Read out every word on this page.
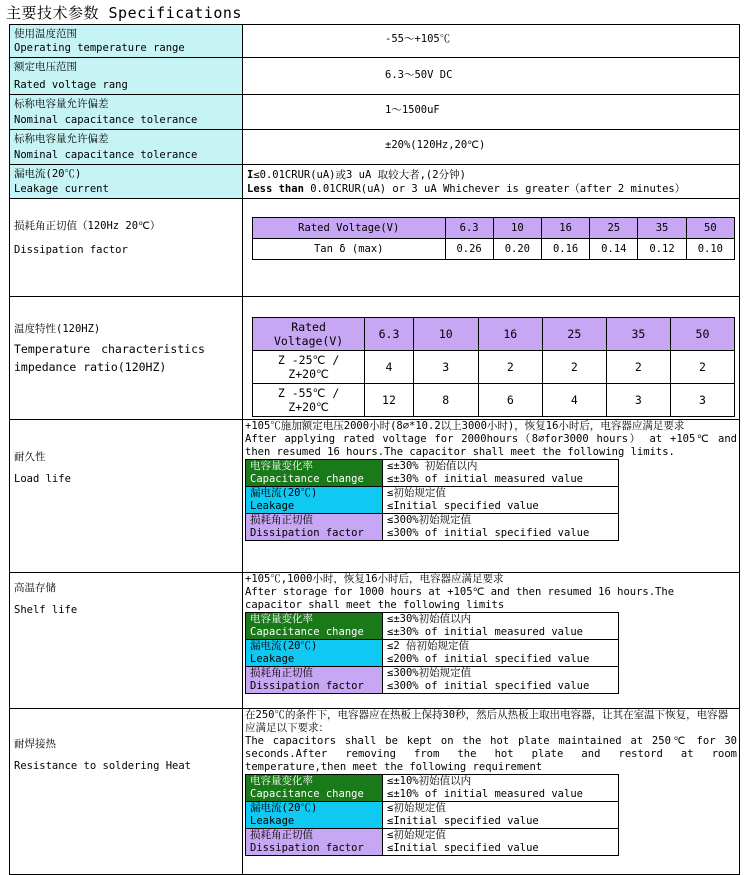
主要技术参数 Specifications
使用温度范围
Operating temperature range

-55～+105℃

额定电压范围
Rated voltage rang

6.3～50V DC

标称电容量允许偏差
Nominal capacitance tolerance

1～1500uF

标称电容量允许偏差
Nominal capacitance tolerance

±20%(120Hz,20℃)

漏电流(20℃)
Leakage current

I≤0.01CRUR(uA)或3 uA 取较大者,(2分钟)
Less than 0.01CRUR(uA) or 3 uA Whichever is greater（after 2 minutes）

损耗角正切值（120Hz 20℃）
Dissipation factor

Rated Voltage(V)	6.3	10	16	25	35	50
Tan δ (max)	0.26	0.20	0.16	0.14	0.12	0.10

温度特性(120HZ)
Temperature characteristics
impedance ratio(120HZ)

Rated Voltage(V)	6.3	10	16	25	35	50
Z -25℃ / Z+20℃	4	3	2	2	2	2
Z -55℃ / Z+20℃	12	8	6	4	3	3

耐久性
Load life

+105℃施加额定电压2000小时(8∅*10.2以上3000小时)，恢复16小时后，电容器应满足要求
After applying rated voltage for 2000hours（8∅for3000 hours） at +105℃ and then resumed 16 hours.The capacitor shall meet the following limits.
电容量变化率
Capacitance change

≤±30% 初始值以内
≤±30% of initial measured value

漏电流(20℃)
Leakage

≤初始规定值
≤Initial specified value

损耗角正切值
Dissipation factor

≤300%初始规定值
≤300% of initial specified value

高温存储
Shelf life

+105℃,1000小时，恢复16小时后，电容器应满足要求
After storage for 1000 hours at +105℃ and then resumed 16 hours.The capacitor shall meet the following limits
电容量变化率
Capacitance change

≤±30%初始值以内
≤±30% of initial measured value

漏电流(20℃)
Leakage

≤2 倍初始规定值
≤200% of initial specified value

损耗角正切值
Dissipation factor

≤300%初始规定值
≤300% of initial specified value

耐焊接热
Resistance to soldering Heat

在250℃的条件下，电容器应在热板上保持30秒，然后从热板上取出电容器，让其在室温下恢复，电容器应满足以下要求：
The capacitors shall be kept on the hot plate maintained at 250℃ for 30 seconds.After removing from the hot plate and restord at room temperature,then meet the following requirement
电容量变化率
Capacitance change

≤±10%初始值以内
≤±10% of initial measured value

漏电流(20℃)
Leakage

≤初始规定值
≤Initial specified value

损耗角正切值
Dissipation factor

≤初始规定值
≤Initial specified value
